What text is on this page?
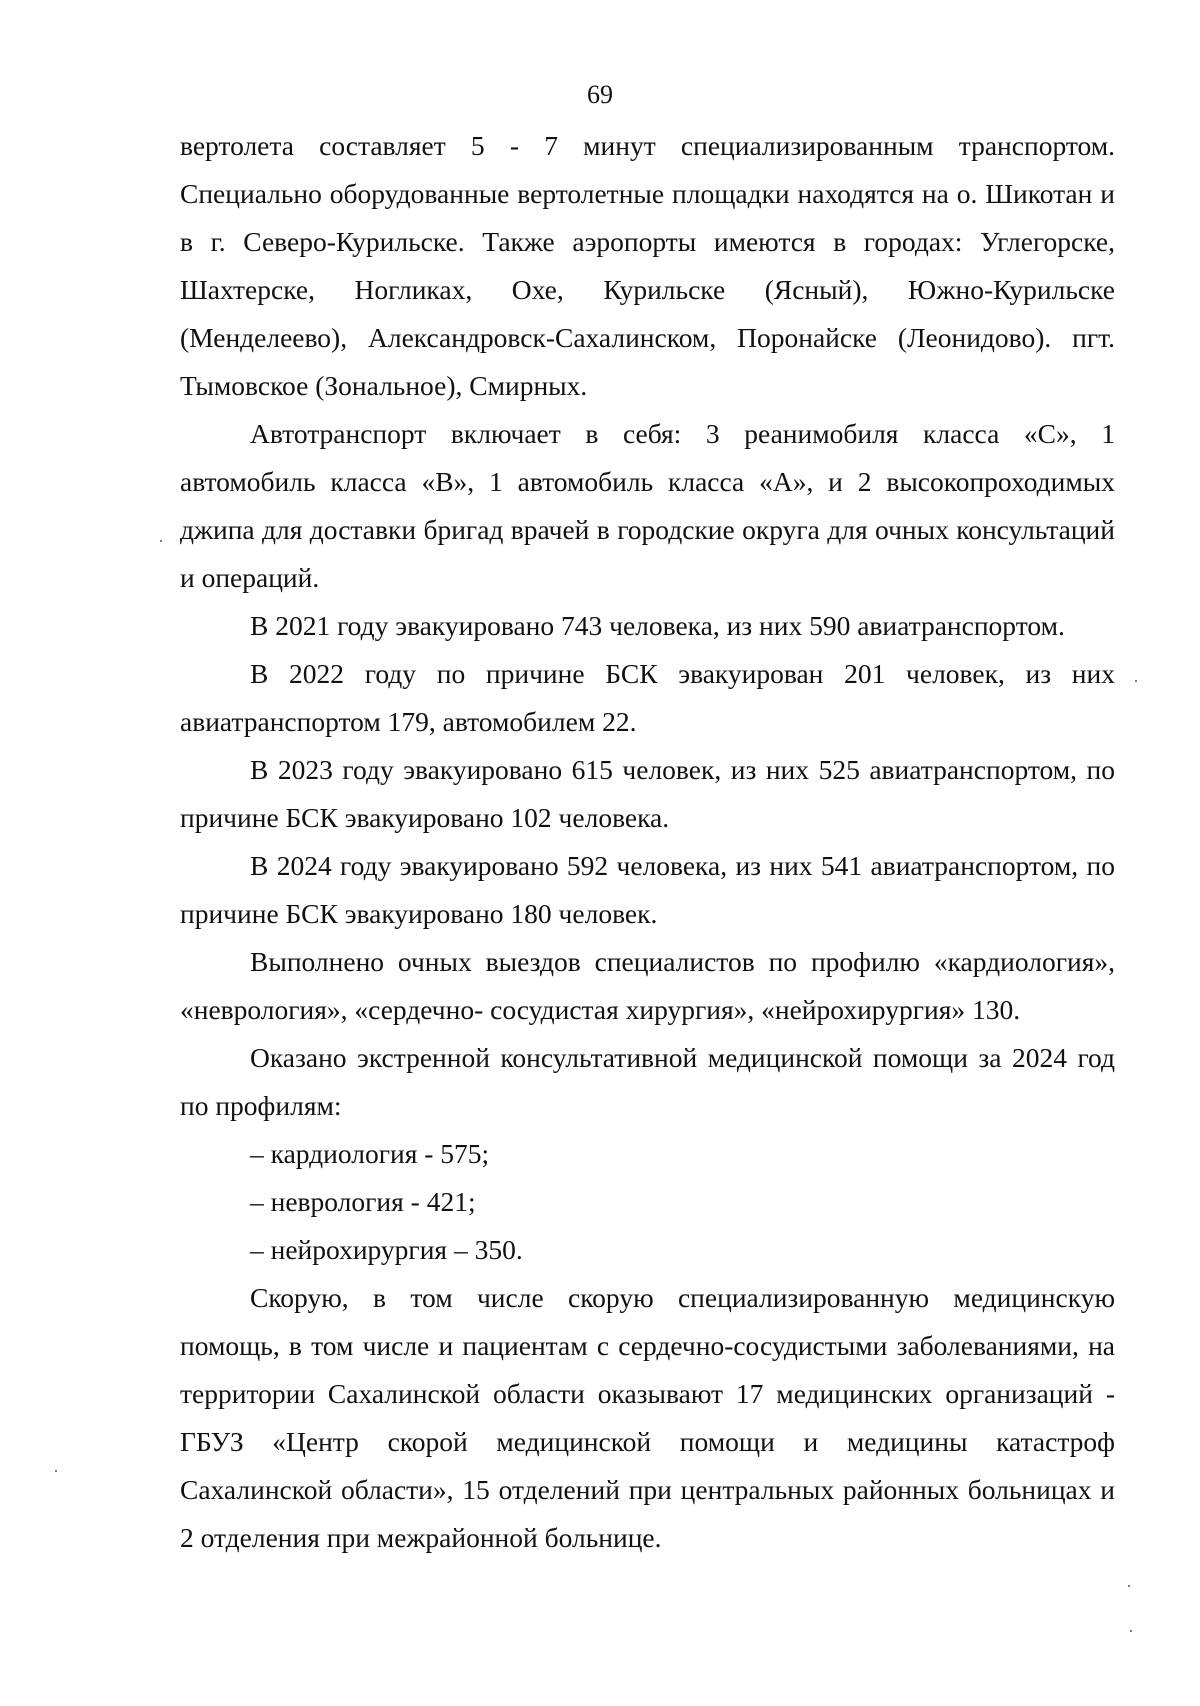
69

вертолета составляет 5 - 7 минут специализированным транспортом. Специально оборудованные вертолетные площадки находятся на о. Шикотан и в г. Северо-Курильске. Также аэропорты имеются в городах: Углегорске, Шахтерске, Ногликах, Охе, Курильске (Ясный), Южно-Курильске (Менделеево), Александровск-Сахалинском, Поронайске (Леонидово). пгт. Тымовское (Зональное), Смирных.

Автотранспорт включает в себя: 3 реанимобиля класса «С», 1 автомобиль класса «В», 1 автомобиль класса «А», и 2 высокопроходимых джипа для доставки бригад врачей в городские округа для очных консультаций и операций.

В 2021 году эвакуировано 743 человека, из них 590 авиатранспортом.

В 2022 году по причине БСК эвакуирован 201 человек, из них авиатранспортом 179, автомобилем 22.

В 2023 году эвакуировано 615 человек, из них 525 авиатранспортом, по причине БСК эвакуировано 102 человека.

В 2024 году эвакуировано 592 человека, из них 541 авиатранспортом, по причине БСК эвакуировано 180 человек.

Выполнено очных выездов специалистов по профилю «кардиология», «неврология», «сердечно- сосудистая хирургия», «нейрохирургия» 130.

Оказано экстренной консультативной медицинской помощи за 2024 год по профилям:

– кардиология - 575;

– неврология - 421;

– нейрохирургия – 350.

Скорую, в том числе скорую специализированную медицинскую помощь, в том числе и пациентам с сердечно-сосудистыми заболеваниями, на территории Сахалинской области оказывают 17 медицинских организаций - ГБУЗ «Центр скорой медицинской помощи и медицины катастроф Сахалинской области», 15 отделений при центральных районных больницах и 2 отделения при межрайонной больнице.
